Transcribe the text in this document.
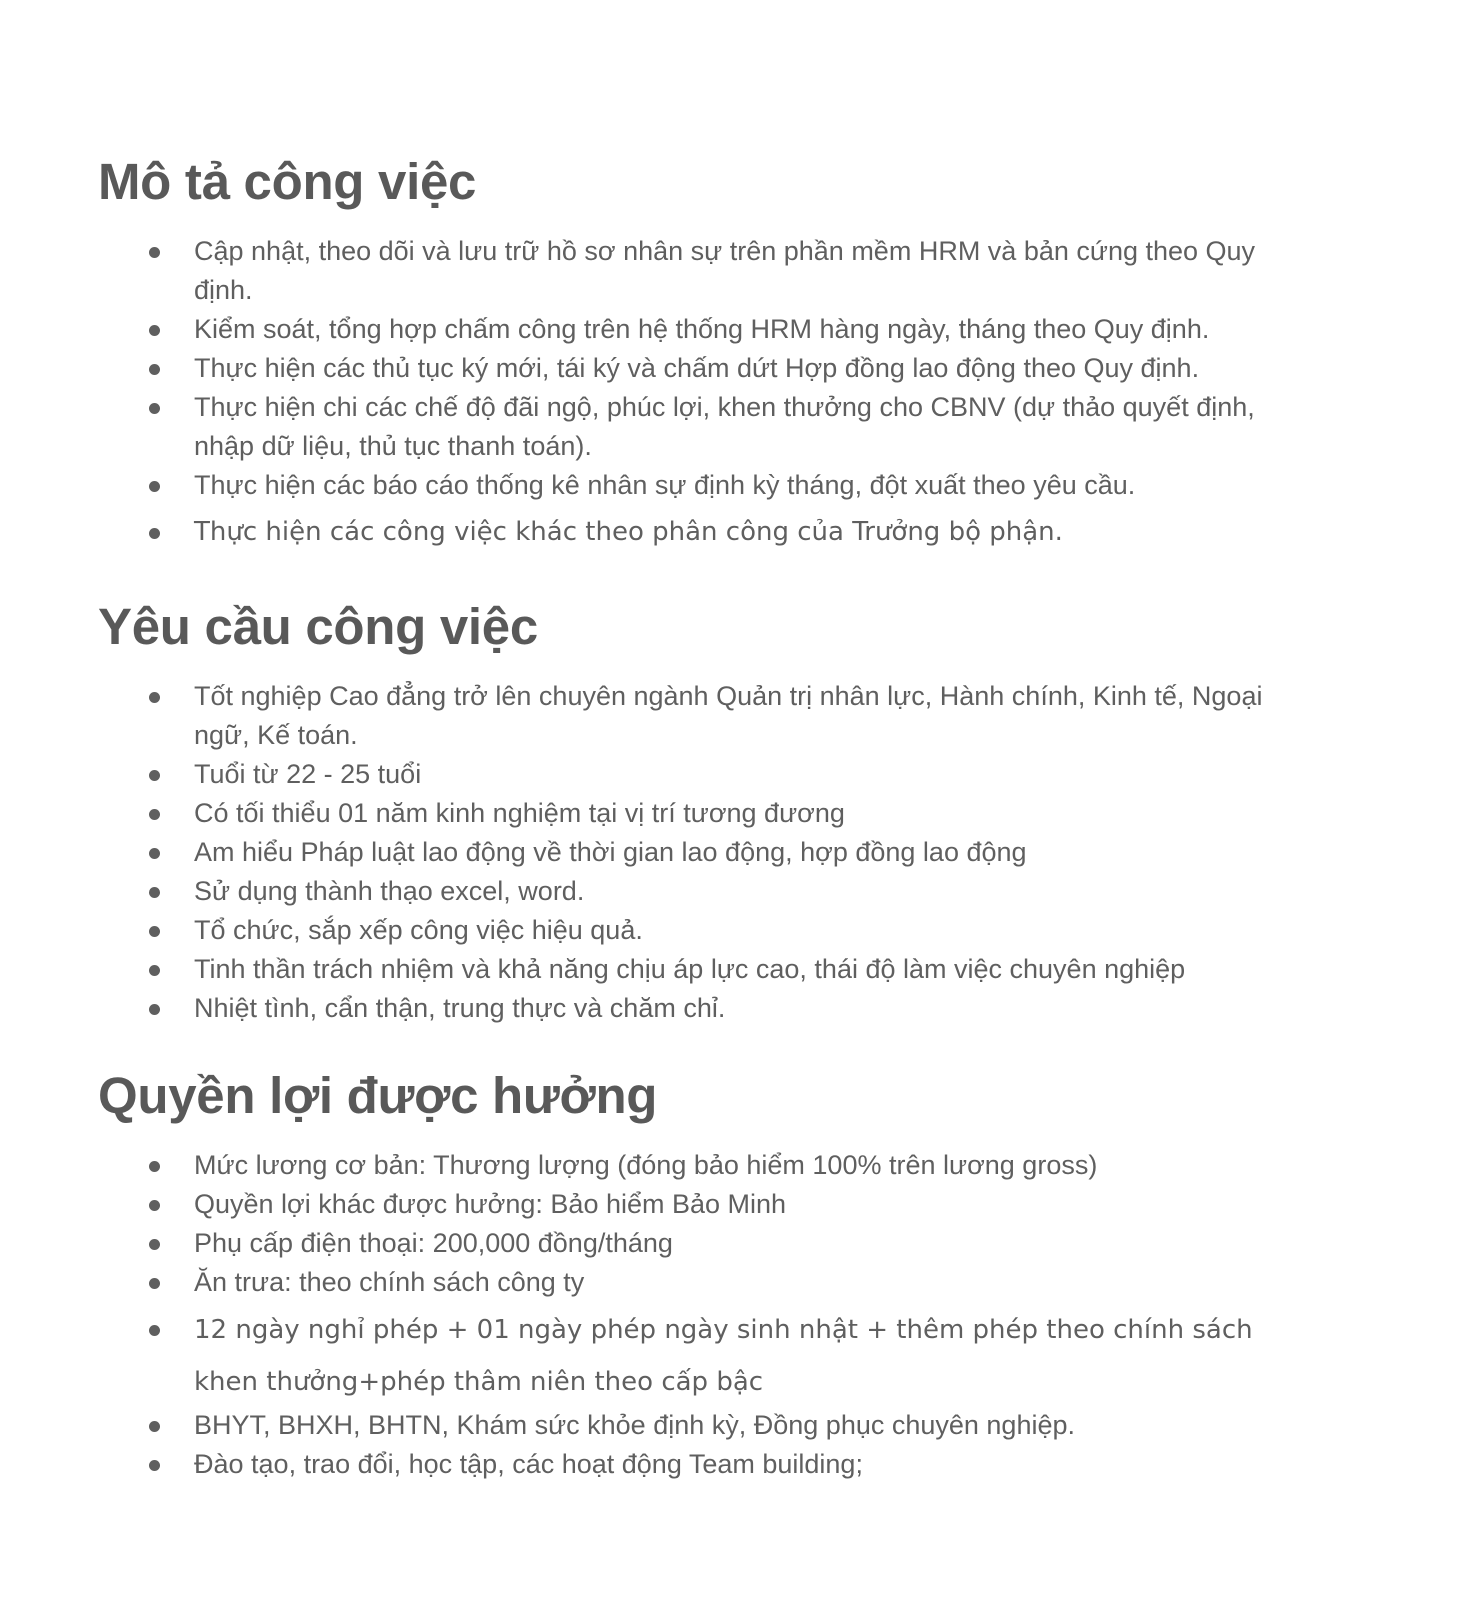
Mô tả công việc
Cập nhật, theo dõi và lưu trữ hồ sơ nhân sự trên phần mềm HRM và bản cứng theo Quy định.
Kiểm soát, tổng hợp chấm công trên hệ thống HRM hàng ngày, tháng theo Quy định.
Thực hiện các thủ tục ký mới, tái ký và chấm dứt Hợp đồng lao động theo Quy định.
Thực hiện chi các chế độ đãi ngộ, phúc lợi, khen thưởng cho CBNV (dự thảo quyết định, nhập dữ liệu, thủ tục thanh toán).
Thực hiện các báo cáo thống kê nhân sự định kỳ tháng, đột xuất theo yêu cầu.
Thực hiện các công việc khác theo phân công của Trưởng bộ phận.
Yêu cầu công việc
Tốt nghiệp Cao đẳng trở lên chuyên ngành Quản trị nhân lực, Hành chính, Kinh tế, Ngoại ngữ, Kế toán.
Tuổi từ 22 - 25 tuổi
Có tối thiểu 01 năm kinh nghiệm tại vị trí tương đương
Am hiểu Pháp luật lao động về thời gian lao động, hợp đồng lao động
Sử dụng thành thạo excel, word.
Tổ chức, sắp xếp công việc hiệu quả.
Tinh thần trách nhiệm và khả năng chịu áp lực cao, thái độ làm việc chuyên nghiệp
Nhiệt tình, cẩn thận, trung thực và chăm chỉ.
Quyền lợi được hưởng
Mức lương cơ bản: Thương lượng (đóng bảo hiểm 100% trên lương gross)
Quyền lợi khác được hưởng: Bảo hiểm Bảo Minh
Phụ cấp điện thoại: 200,000 đồng/tháng
Ăn trưa: theo chính sách công ty
12 ngày nghỉ phép + 01 ngày phép ngày sinh nhật + thêm phép theo chính sách khen thưởng+phép thâm niên theo cấp bậc
BHYT, BHXH, BHTN, Khám sức khỏe định kỳ, Đồng phục chuyên nghiệp.
Đào tạo, trao đổi, học tập, các hoạt động Team building;
